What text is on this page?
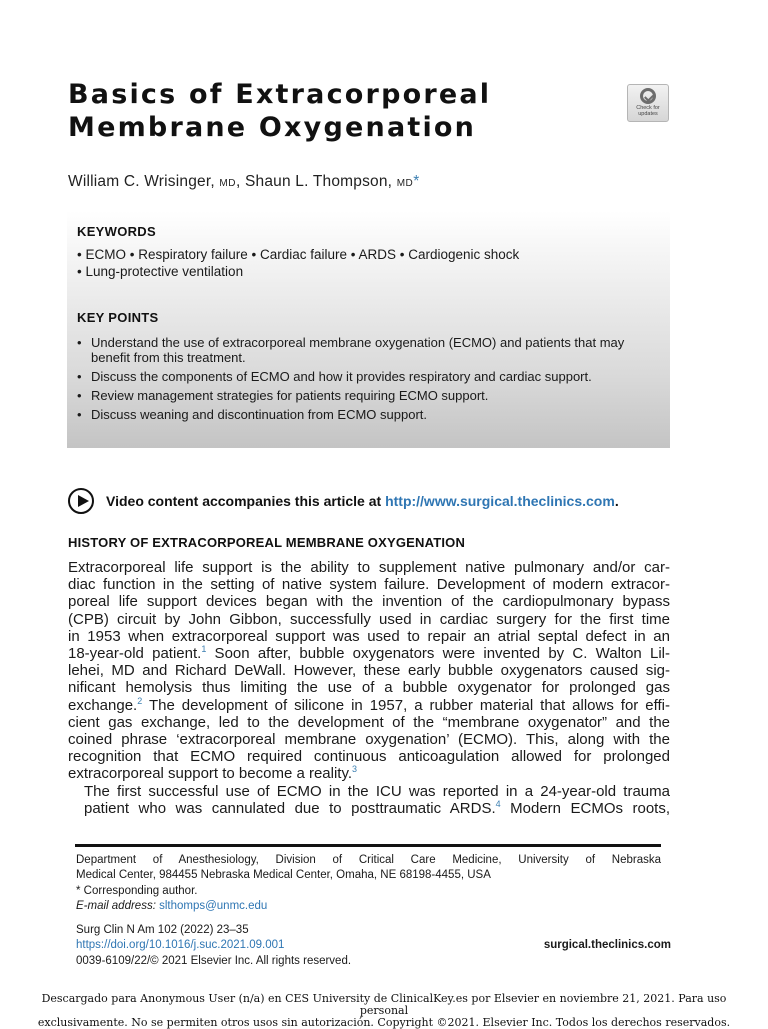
Basics of Extracorporeal
Membrane Oxygenation
Check for
updates
William C. Wrisinger, MD, Shaun L. Thompson, MD*
KEYWORDS
• ECMO • Respiratory failure • Cardiac failure • ARDS • Cardiogenic shock
• Lung-protective ventilation
KEY POINTS
• Understand the use of extracorporeal membrane oxygenation (ECMO) and patients that may benefit from this treatment.
• Discuss the components of ECMO and how it provides respiratory and cardiac support.
• Review management strategies for patients requiring ECMO support.
• Discuss weaning and discontinuation from ECMO support.
Video content accompanies this article at http://www.surgical.theclinics.com.
HISTORY OF EXTRACORPOREAL MEMBRANE OXYGENATION

Extracorporeal life support is the ability to supplement native pulmonary and/or car-
diac function in the setting of native system failure. Development of modern extracor-
poreal life support devices began with the invention of the cardiopulmonary bypass
(CPB) circuit by John Gibbon, successfully used in cardiac surgery for the first time
in 1953 when extracorporeal support was used to repair an atrial septal defect in an
18-year-old patient.$^1$ Soon after, bubble oxygenators were invented by C. Walton Lil-
lehei, MD and Richard DeWall. However, these early bubble oxygenators caused sig-
nificant hemolysis thus limiting the use of a bubble oxygenator for prolonged gas
exchange.$^2$ The development of silicone in 1957, a rubber material that allows for effi-
cient gas exchange, led to the development of the “membrane oxygenator” and the
coined phrase ‘extracorporeal membrane oxygenation’ (ECMO). This, along with the
recognition that ECMO required continuous anticoagulation allowed for prolonged
extracorporeal support to become a reality.$^3$

The first successful use of ECMO in the ICU was reported in a 24-year-old trauma
patient who was cannulated due to posttraumatic ARDS.$^4$ Modern ECMOs roots,

Department of Anesthesiology, Division of Critical Care Medicine, University of Nebraska
Medical Center, 984455 Nebraska Medical Center, Omaha, NE 68198-4455, USA
* Corresponding author.
E-mail address: slthomps@unmc.edu
Surg Clin N Am 102 (2022) 23–35
https://doi.org/10.1016/j.suc.2021.09.001
0039-6109/22/© 2021 Elsevier Inc. All rights reserved.
surgical.theclinics.com
Descargado para Anonymous User (n/a) en CES University de ClinicalKey.es por Elsevier en noviembre 21, 2021. Para uso personal
exclusivamente. No se permiten otros usos sin autorización. Copyright ©2021. Elsevier Inc. Todos los derechos reservados.
